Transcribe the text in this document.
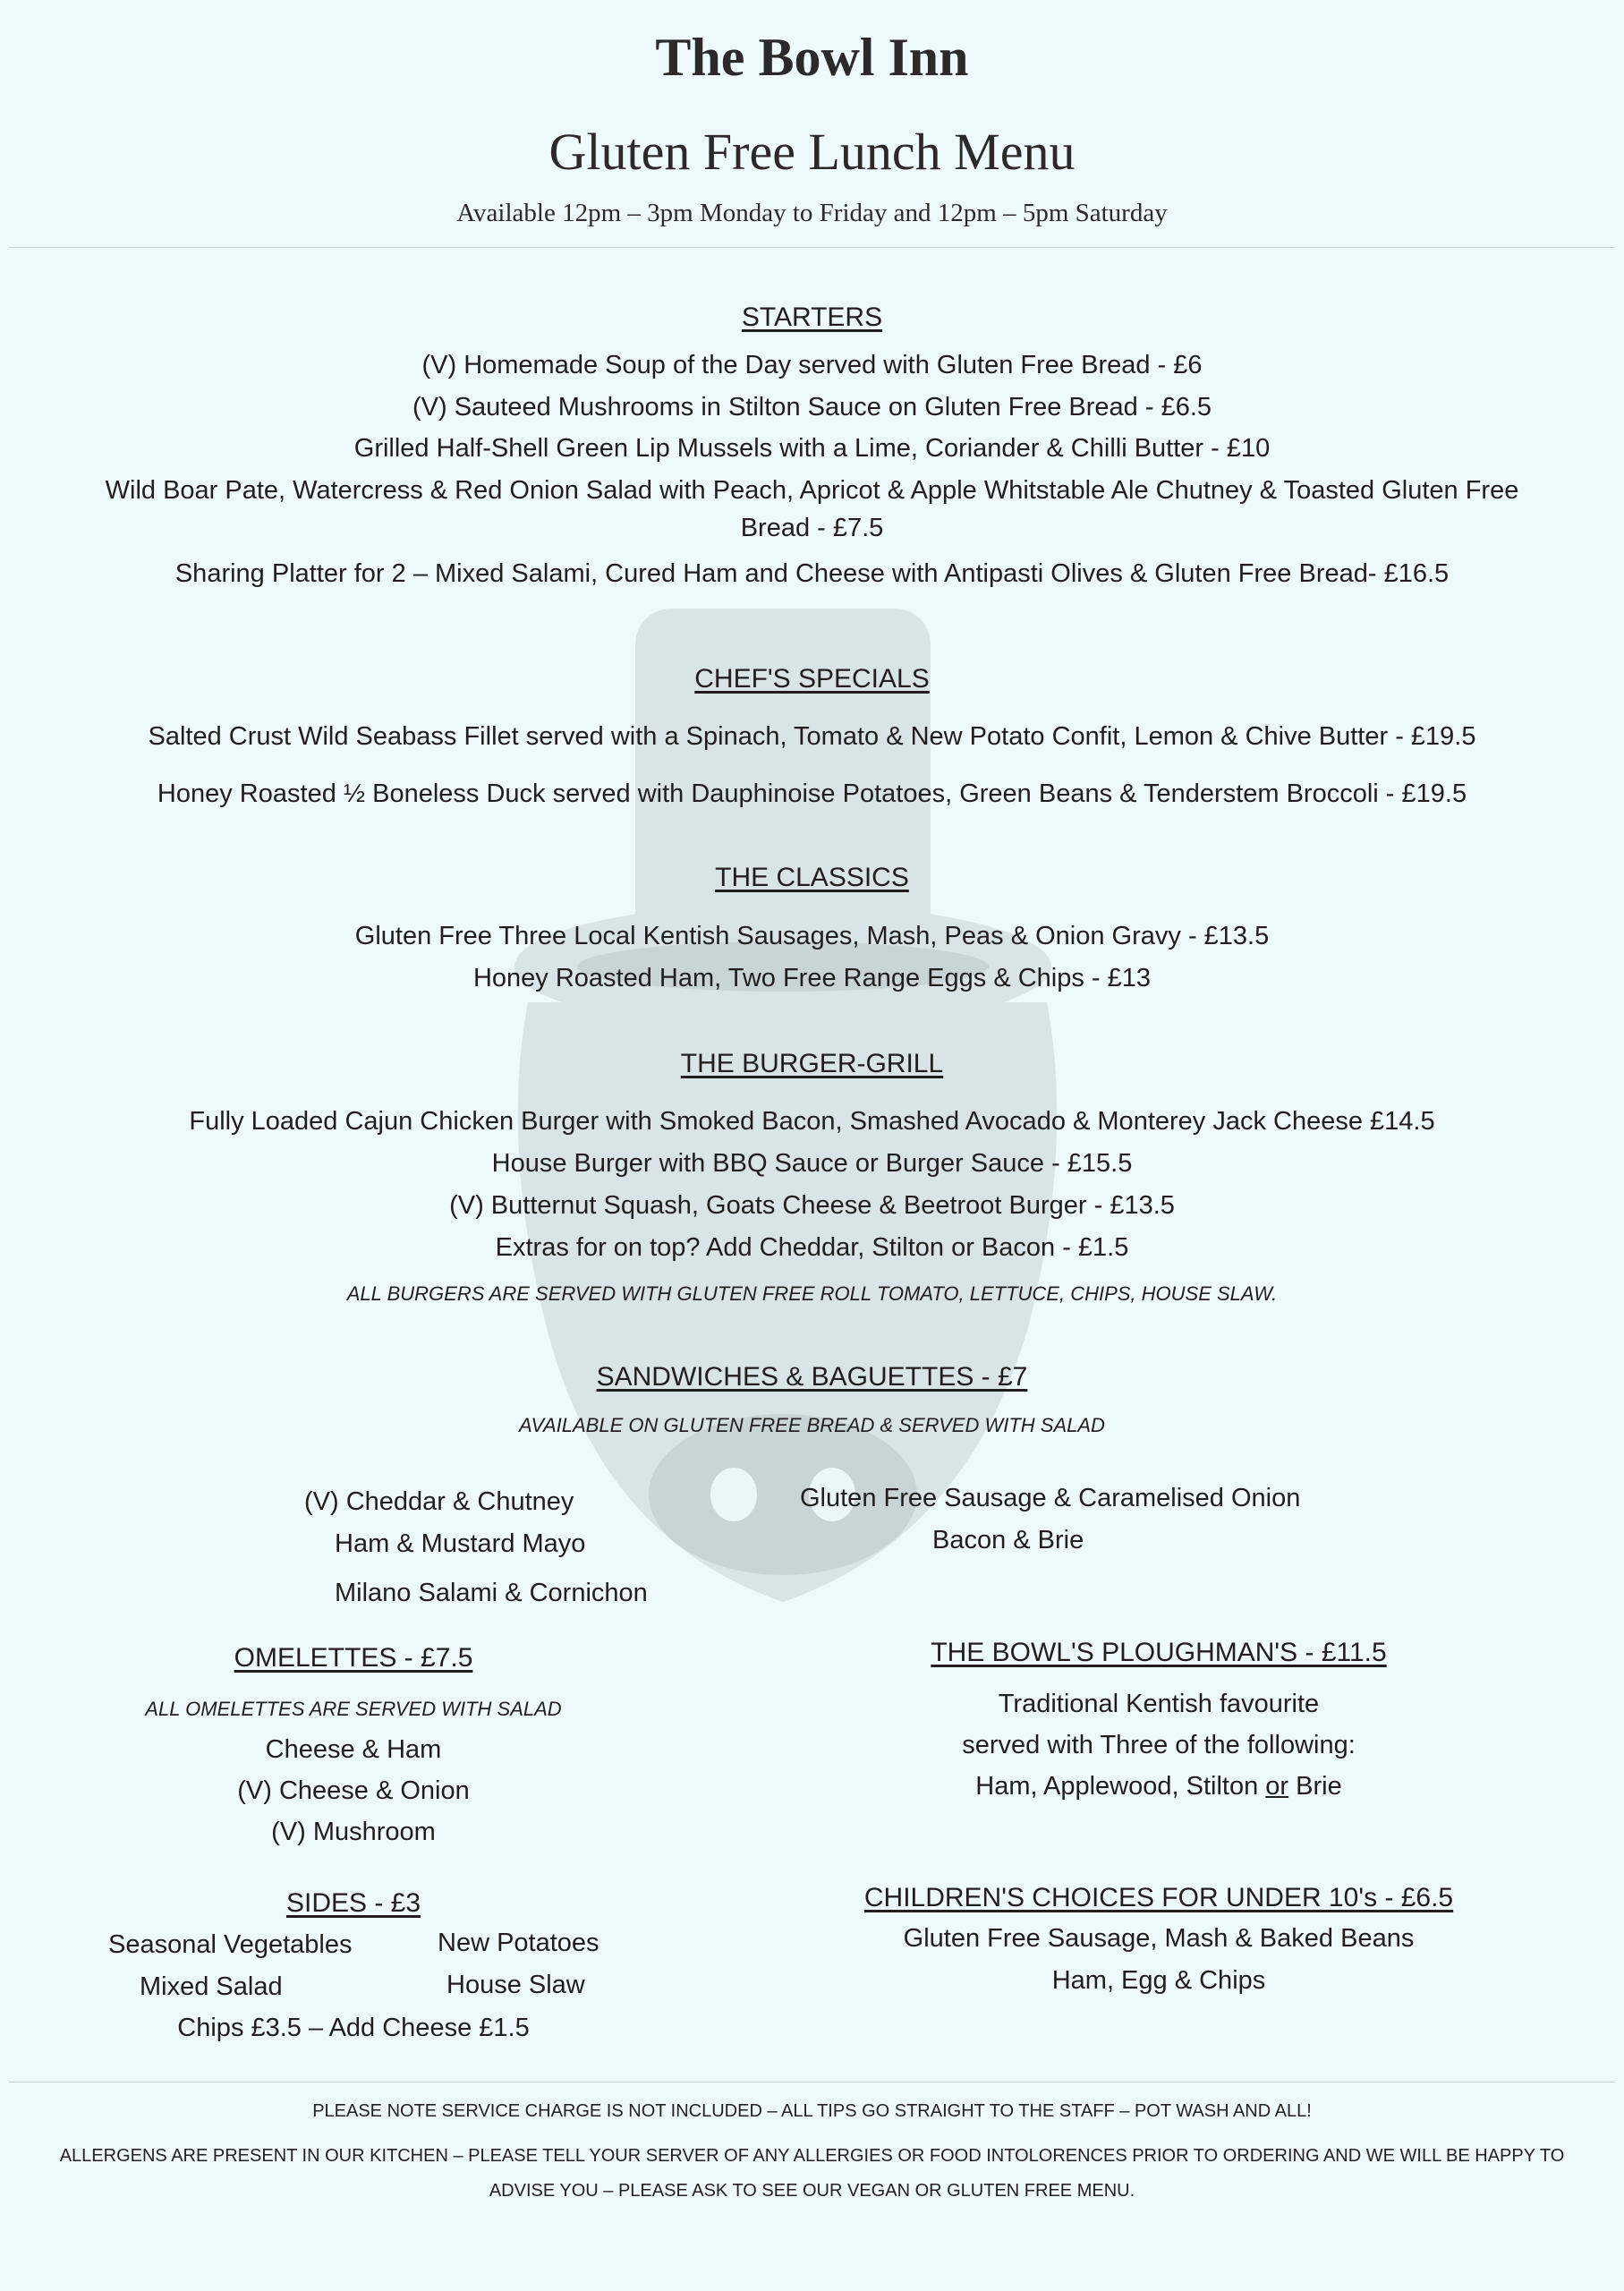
The Bowl Inn
Gluten Free Lunch Menu
Available 12pm – 3pm Monday to Friday and 12pm – 5pm Saturday
STARTERS
(V) Homemade Soup of the Day served with Gluten Free Bread - £6
(V) Sauteed Mushrooms in Stilton Sauce on Gluten Free Bread - £6.5
Grilled Half-Shell Green Lip Mussels with a Lime, Coriander & Chilli Butter - £10
Wild Boar Pate, Watercress & Red Onion Salad with Peach, Apricot & Apple Whitstable Ale Chutney & Toasted Gluten Free
Bread - £7.5
Sharing Platter for 2 – Mixed Salami, Cured Ham and Cheese with Antipasti Olives & Gluten Free Bread- £16.5
CHEF'S SPECIALS
Salted Crust Wild Seabass Fillet served with a Spinach, Tomato & New Potato Confit, Lemon & Chive Butter - £19.5
Honey Roasted ½ Boneless Duck served with Dauphinoise Potatoes, Green Beans & Tenderstem Broccoli - £19.5
THE CLASSICS
Gluten Free Three Local Kentish Sausages, Mash, Peas & Onion Gravy - £13.5
Honey Roasted Ham, Two Free Range Eggs & Chips - £13
THE BURGER-GRILL
Fully Loaded Cajun Chicken Burger with Smoked Bacon, Smashed Avocado & Monterey Jack Cheese £14.5
House Burger with BBQ Sauce or Burger Sauce - £15.5
(V) Butternut Squash, Goats Cheese & Beetroot Burger - £13.5
Extras for on top? Add Cheddar, Stilton or Bacon - £1.5
ALL BURGERS ARE SERVED WITH GLUTEN FREE ROLL TOMATO, LETTUCE, CHIPS, HOUSE SLAW.
SANDWICHES & BAGUETTES - £7
AVAILABLE ON GLUTEN FREE BREAD & SERVED WITH SALAD
(V) Cheddar & Chutney
Ham & Mustard Mayo
Milano Salami & Cornichon
Gluten Free Sausage & Caramelised Onion
Bacon & Brie
OMELETTES - £7.5
ALL OMELETTES ARE SERVED WITH SALAD
Cheese & Ham
(V) Cheese & Onion
(V) Mushroom
THE BOWL'S PLOUGHMAN'S - £11.5
Traditional Kentish favourite
served with Three of the following:
Ham, Applewood, Stilton or Brie
SIDES - £3
Seasonal Vegetables
Mixed Salad
New Potatoes
House Slaw
Chips £3.5 – Add Cheese £1.5
CHILDREN'S CHOICES FOR UNDER 10's - £6.5
Gluten Free Sausage, Mash & Baked Beans
Ham, Egg & Chips
PLEASE NOTE SERVICE CHARGE IS NOT INCLUDED – ALL TIPS GO STRAIGHT TO THE STAFF – POT WASH AND ALL!
ALLERGENS ARE PRESENT IN OUR KITCHEN – PLEASE TELL YOUR SERVER OF ANY ALLERGIES OR FOOD INTOLORENCES PRIOR TO ORDERING AND WE WILL BE HAPPY TO
ADVISE YOU – PLEASE ASK TO SEE OUR VEGAN OR GLUTEN FREE MENU.
